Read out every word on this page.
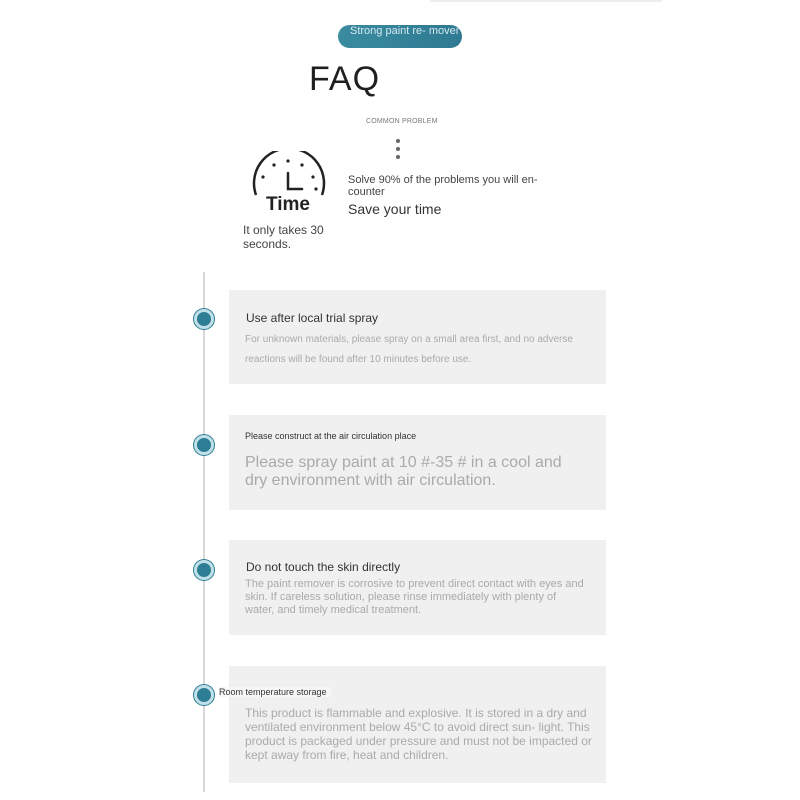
Strong paint re- mover
FAQ
COMMON PROBLEM
Time
It only takes 30 seconds.
Solve 90% of the problems you will en- counter
Save your time
Use after local trial spray
For unknown materials, please spray on a small area first, and no adverse reactions will be found after 10 minutes before use.
Please construct at the air circulation place
Please spray paint at 10 #-35 # in a cool and dry environment with air circulation.
Do not touch the skin directly
The paint remover is corrosive to prevent direct contact with eyes and skin. If careless solution, please rinse immediately with plenty of water, and timely medical treatment.
Room temperature storage
This product is flammable and explosive. It is stored in a dry and ventilated environment below 45°C to avoid direct sun- light. This product is packaged under pressure and must not be impacted or kept away from fire, heat and children.
